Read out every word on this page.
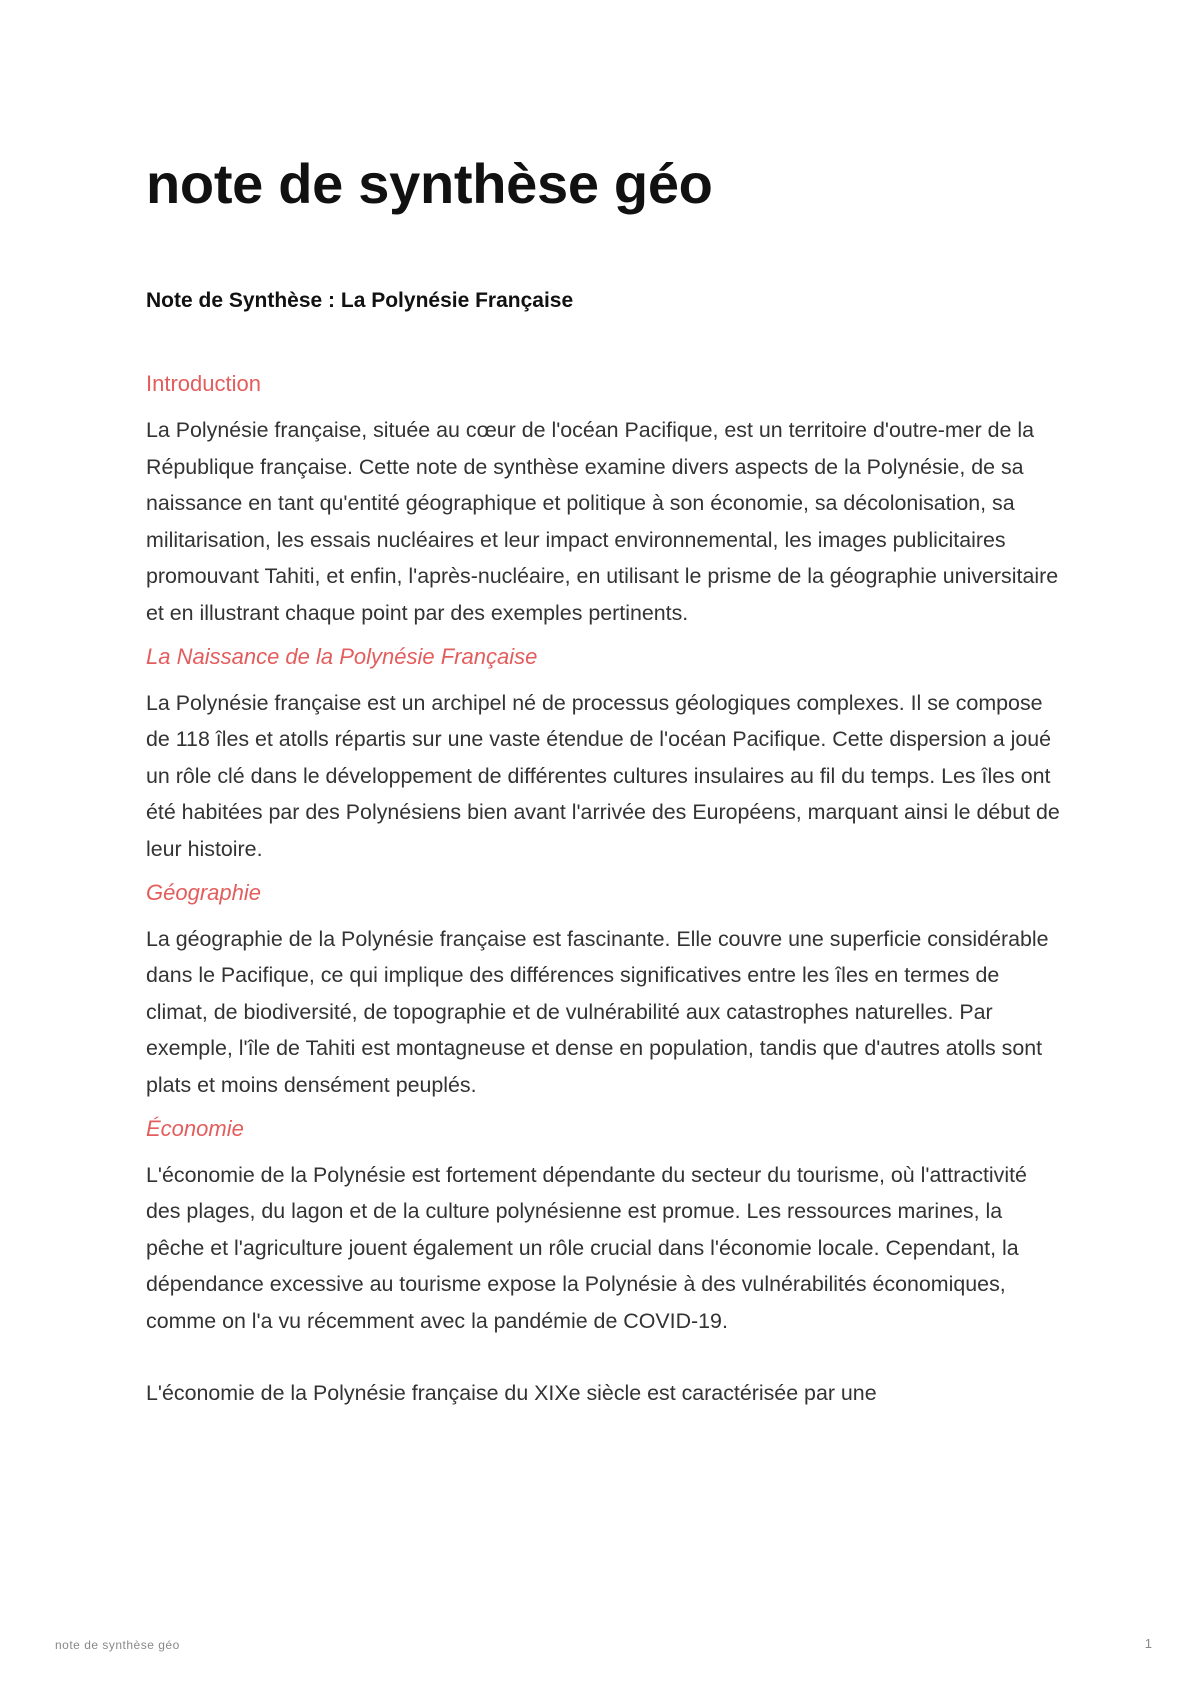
note de synthèse géo
Note de Synthèse : La Polynésie Française
Introduction

La Polynésie française, située au cœur de l'océan Pacifique, est un territoire d'outre-mer de la République française. Cette note de synthèse examine divers aspects de la Polynésie, de sa naissance en tant qu'entité géographique et politique à son économie, sa décolonisation, sa militarisation, les essais nucléaires et leur impact environnemental, les images publicitaires promouvant Tahiti, et enfin, l'après-nucléaire, en utilisant le prisme de la géographie universitaire et en illustrant chaque point par des exemples pertinents.

La Naissance de la Polynésie Française

La Polynésie française est un archipel né de processus géologiques complexes. Il se compose de 118 îles et atolls répartis sur une vaste étendue de l'océan Pacifique. Cette dispersion a joué un rôle clé dans le développement de différentes cultures insulaires au fil du temps. Les îles ont été habitées par des Polynésiens bien avant l'arrivée des Européens, marquant ainsi le début de leur histoire.

Géographie

La géographie de la Polynésie française est fascinante. Elle couvre une superficie considérable dans le Pacifique, ce qui implique des différences significatives entre les îles en termes de climat, de biodiversité, de topographie et de vulnérabilité aux catastrophes naturelles. Par exemple, l'île de Tahiti est montagneuse et dense en population, tandis que d'autres atolls sont plats et moins densément peuplés.

Économie

L'économie de la Polynésie est fortement dépendante du secteur du tourisme, où l'attractivité des plages, du lagon et de la culture polynésienne est promue. Les ressources marines, la pêche et l'agriculture jouent également un rôle crucial dans l'économie locale. Cependant, la dépendance excessive au tourisme expose la Polynésie à des vulnérabilités économiques, comme on l'a vu récemment avec la pandémie de COVID-19.

L'économie de la Polynésie française du XIXe siècle est caractérisée par une

note de synthèse géo	1
